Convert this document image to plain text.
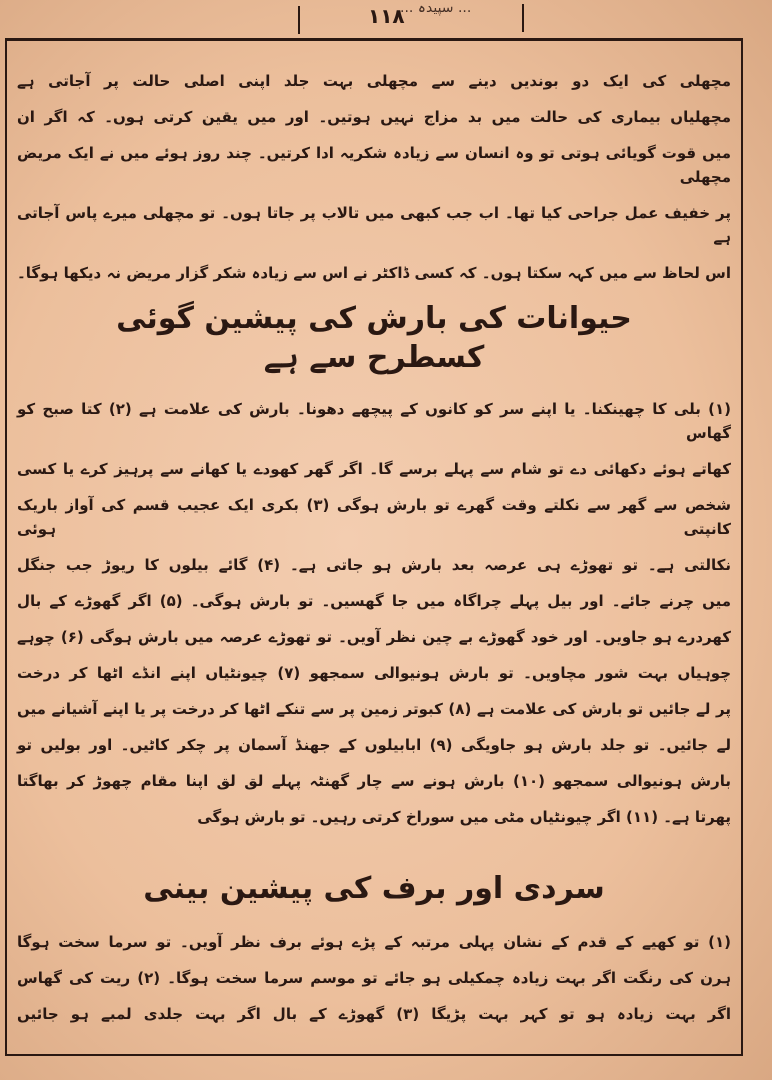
... سپیدہ ...
۱۱۸
مچھلی کی ایک دو بوندیں دینے سے مچھلی بہت جلد اپنی اصلی حالت پر آجاتی ہے
مچھلیاں بیماری کی حالت میں بد مزاج نہیں ہوتیں۔ اور میں یقین کرتی ہوں۔ کہ اگر ان
میں قوت گویائی ہوتی تو وہ انسان سے زیادہ شکریہ ادا کرتیں۔ چند روز ہوئے میں نے ایک مریض مچھلی
پر خفیف عمل جراحی کیا تھا۔ اب جب کبھی میں تالاب پر جاتا ہوں۔ تو مچھلی میرے پاس آجاتی ہے
اس لحاظ سے میں کہہ سکتا ہوں۔ کہ کسی ڈاکٹر نے اس سے زیادہ شکر گزار مریض نہ دیکھا ہوگا۔
حیوانات کی بارش کی پیشین گوئی کسطرح سے ہے
(۱) بلی کا چھینکنا۔ یا اپنے سر کو کانوں کے پیچھے دھونا۔ بارش کی علامت ہے (۲) کتا صبح کو گھاس
کھاتے ہوئے دکھائی دے تو شام سے پہلے برسے گا۔ اگر گھر کھودے یا کھانے سے پرہیز کرے یا کسی
شخص سے گھر سے نکلتے وقت گھرے تو بارش ہوگی (۳) بکری ایک عجیب قسم کی آواز باریک کانپتی ہوئی
نکالتی ہے۔ تو تھوڑے ہی عرصہ بعد بارش ہو جاتی ہے۔ (۴) گائے بیلوں کا ریوڑ جب جنگل
میں چرنے جائے۔ اور بیل پہلے چراگاہ میں جا گھسیں۔ تو بارش ہوگی۔ (۵) اگر گھوڑے کے بال
کھردرے ہو جاویں۔ اور خود گھوڑے بے چین نظر آویں۔ تو تھوڑے عرصہ میں بارش ہوگی (۶) چوہے
چوہیاں بہت شور مچاویں۔ تو بارش ہونیوالی سمجھو (۷) چیونٹیاں اپنے انڈے اٹھا کر درخت
پر لے جائیں تو بارش کی علامت ہے (۸) کبوتر زمین پر سے تنکے اٹھا کر درخت پر یا اپنے آشیانے میں
لے جائیں۔ تو جلد بارش ہو جاویگی (۹) ابابیلوں کے جھنڈ آسمان پر چکر کاٹیں۔ اور بولیں تو
بارش ہونیوالی سمجھو (۱۰) بارش ہونے سے چار گھنٹہ پہلے لق لق اپنا مقام چھوڑ کر بھاگتا
پھرتا ہے۔ (۱۱) اگر چیونٹیاں مٹی میں سوراخ کرتی رہیں۔ تو بارش ہوگی
سردی اور برف کی پیشین بینی
(۱) تو کھیے کے قدم کے نشان پہلی مرتبہ کے پڑے ہوئے برف نظر آویں۔ تو سرما سخت ہوگا
ہرن کی رنگت اگر بہت زیادہ چمکیلی ہو جائے تو موسم سرما سخت ہوگا۔ (۲) ریت کی گھاس
اگر بہت زیادہ ہو تو کہر بہت پڑیگا (۳) گھوڑے کے بال اگر بہت جلدی لمبے ہو جائیں
